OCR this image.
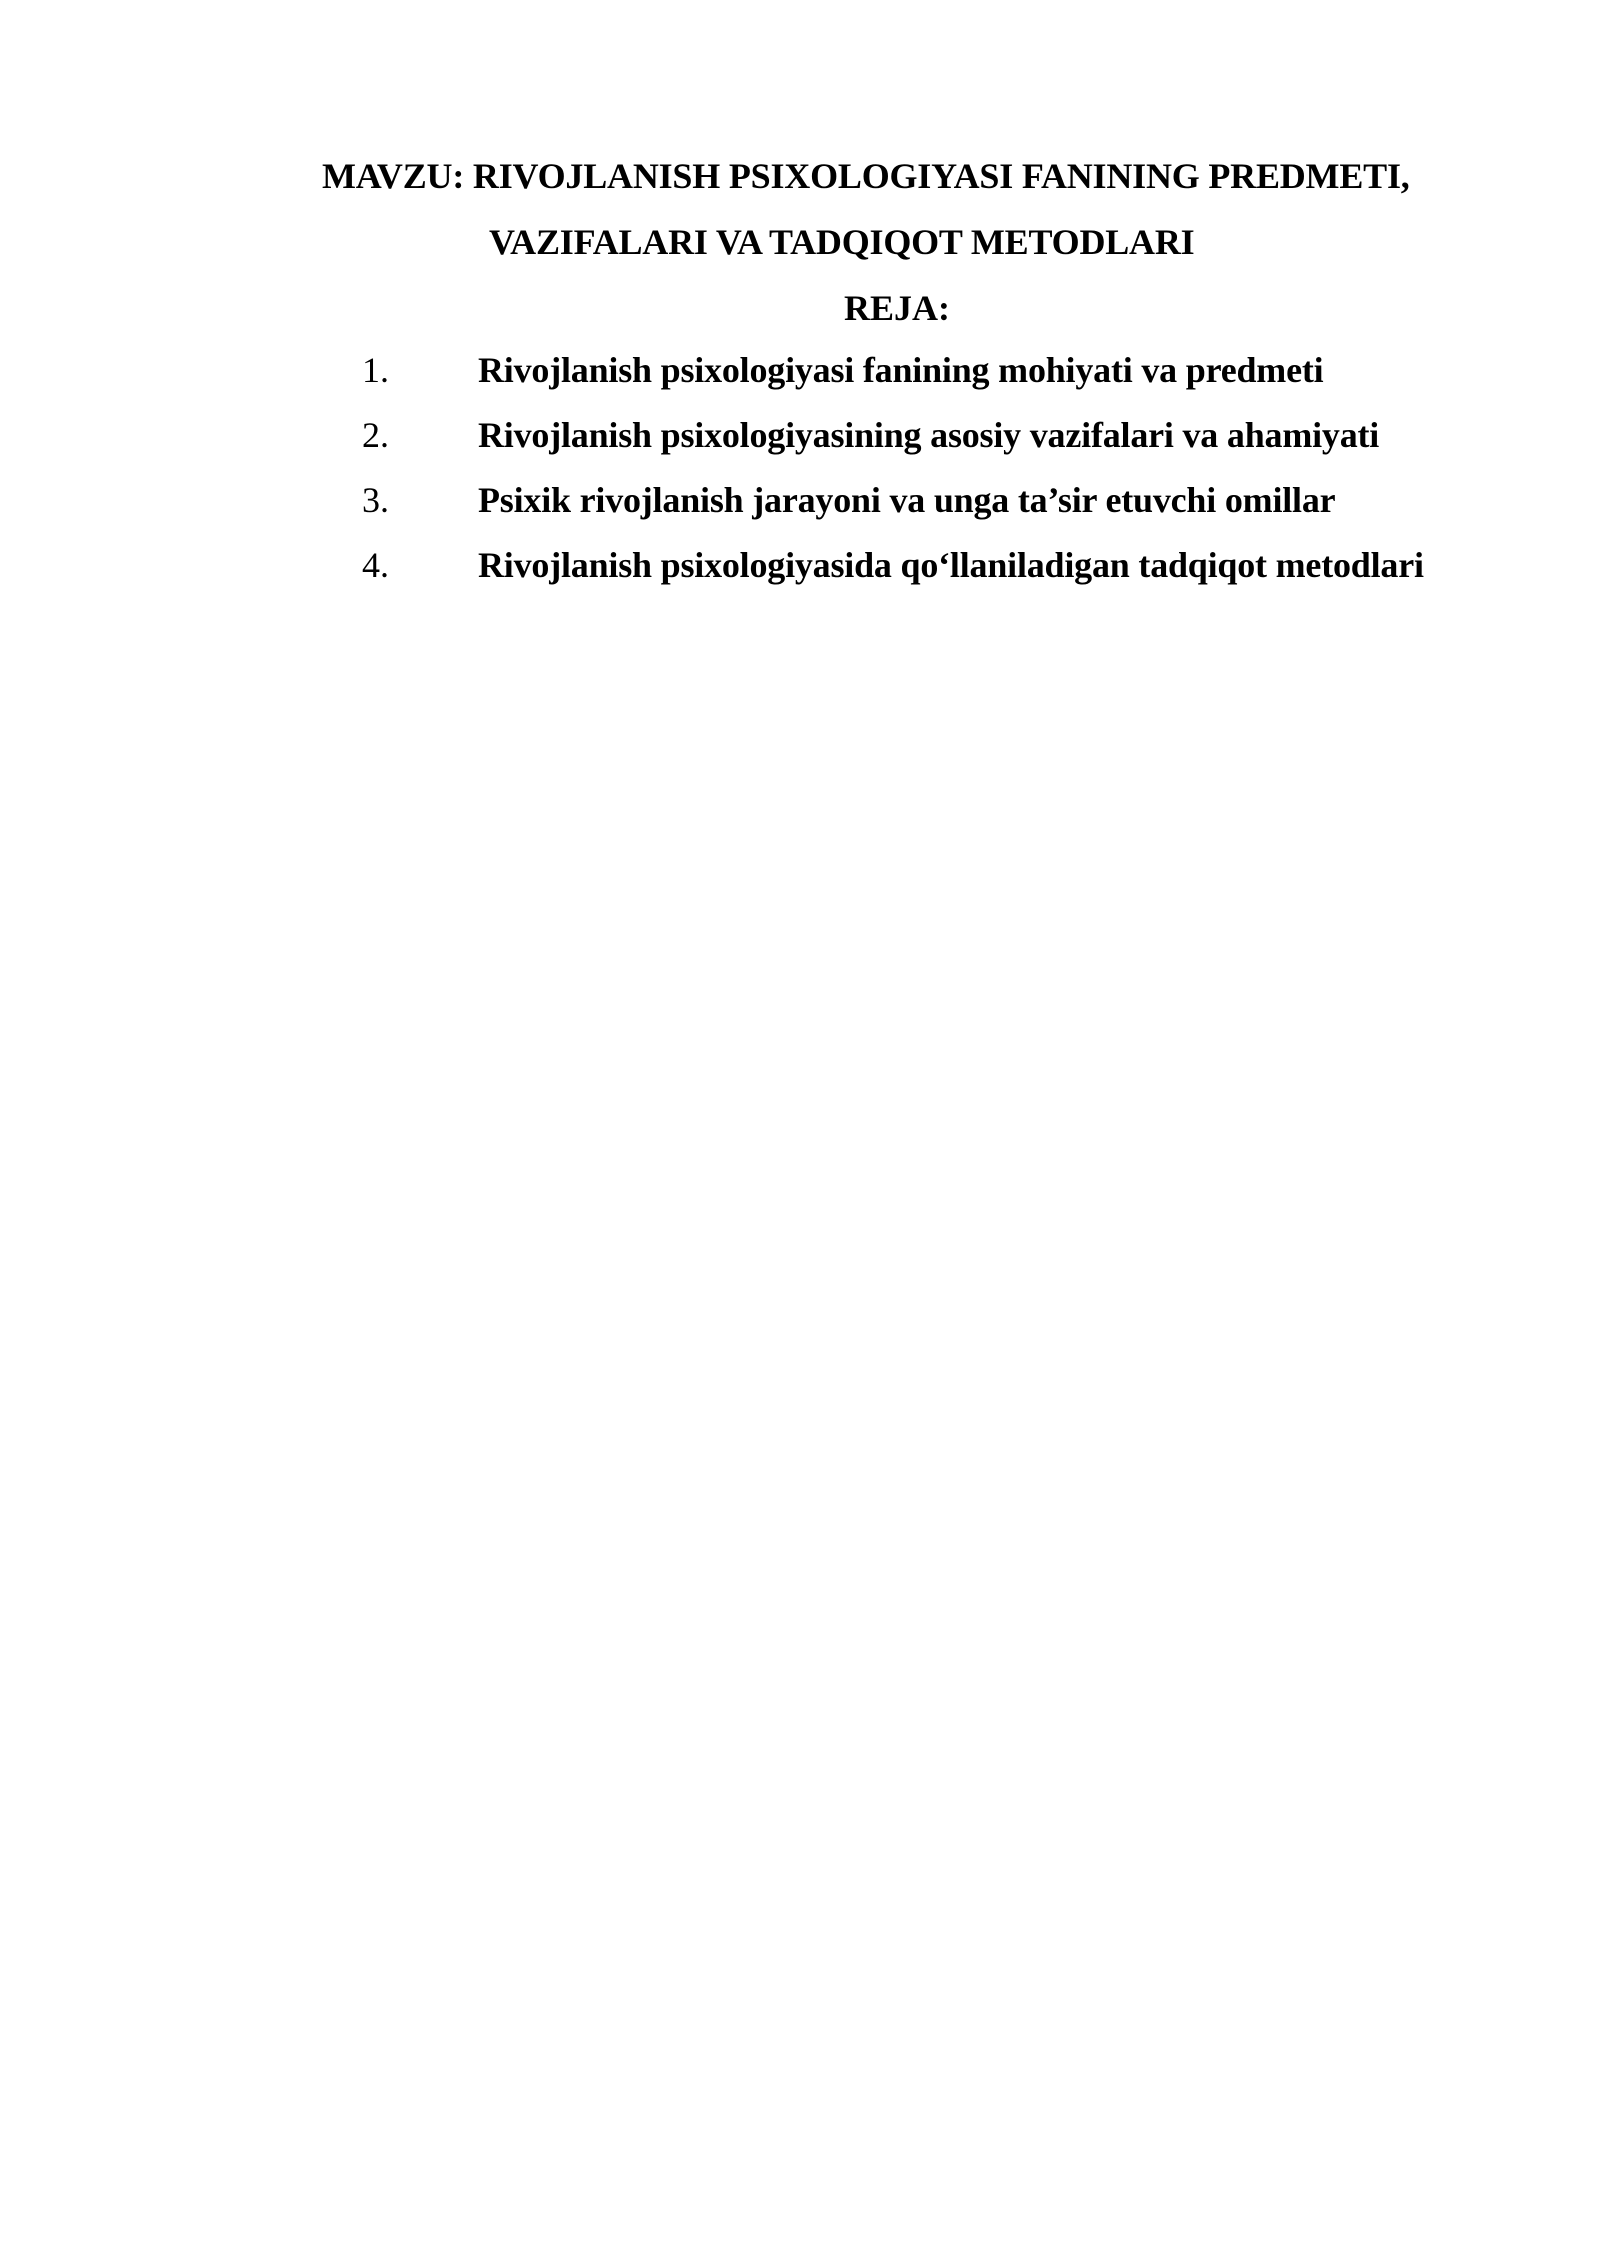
MAVZU: RIVOJLANISH PSIXOLOGIYASI FANINING PREDMETI,
VAZIFALARI VA TADQIQOT METODLARI
REJA:
1. Rivojlanish psixologiyasi fanining mohiyati va predmeti
2. Rivojlanish psixologiyasining asosiy vazifalari va ahamiyati
3. Psixik rivojlanish jarayoni va unga ta’sir etuvchi omillar
4. Rivojlanish psixologiyasida qo‘llaniladigan tadqiqot metodlari
